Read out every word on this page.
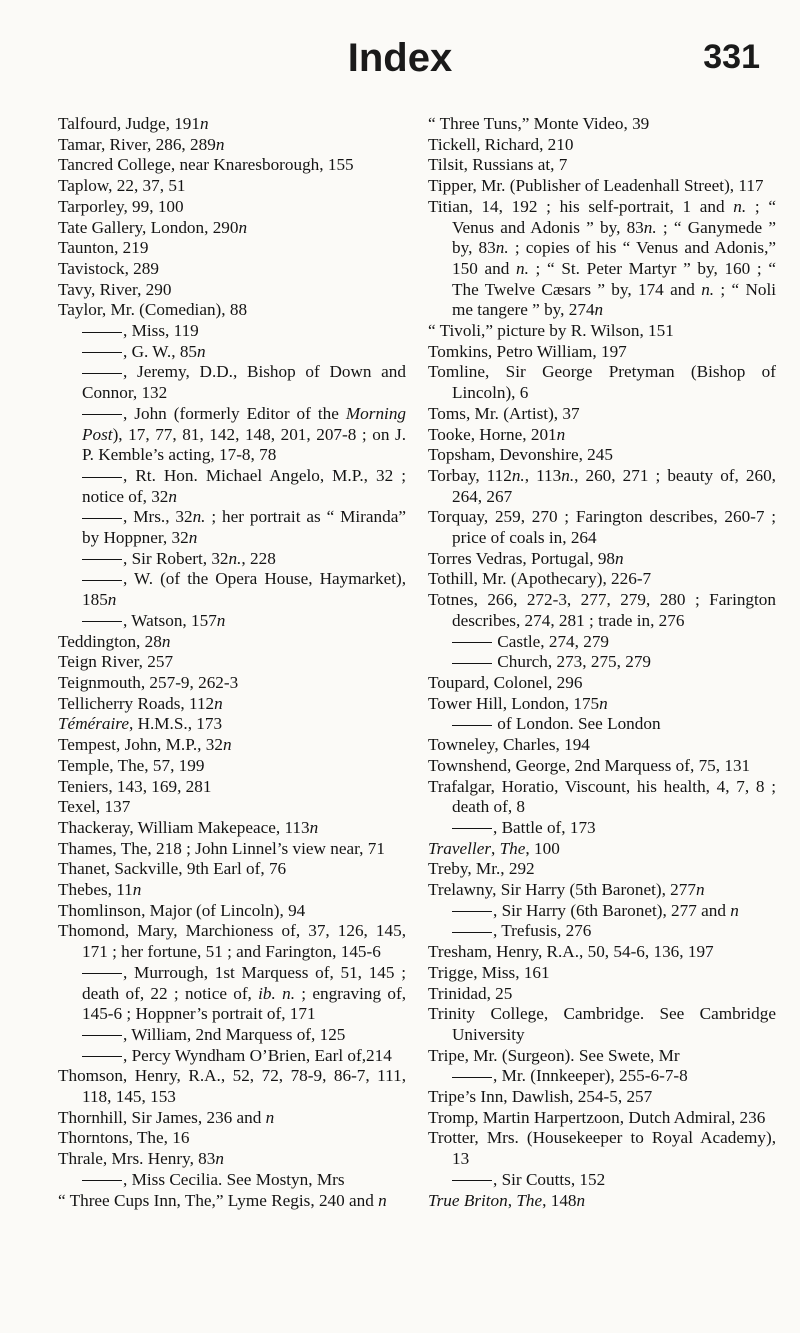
Index	331

Talfourd, Judge, 191n

Tamar, River, 286, 289n

Tancred College, near Knaresborough, 155

Taplow, 22, 37, 51

Tarporley, 99, 100

Tate Gallery, London, 290n

Taunton, 219

Tavistock, 289

Tavy, River, 290

Taylor, Mr. (Comedian), 88

, Miss, 119

, G. W., 85n

, Jeremy, D.D., Bishop of Down and Connor, 132

, John (formerly Editor of the Morning Post), 17, 77, 81, 142, 148, 201, 207-8 ; on J. P. Kemble’s acting, 17-8, 78

, Rt. Hon. Michael Angelo, M.P., 32 ; notice of, 32n

, Mrs., 32n. ; her portrait as “ Miranda” by Hoppner, 32n

, Sir Robert, 32n., 228

, W. (of the Opera House, Haymarket), 185n

, Watson, 157n

Teddington, 28n

Teign River, 257

Teignmouth, 257-9, 262-3

Tellicherry Roads, 112n

Téméraire, H.M.S., 173

Tempest, John, M.P., 32n

Temple, The, 57, 199

Teniers, 143, 169, 281

Texel, 137

Thackeray, William Makepeace, 113n

Thames, The, 218 ; John Linnel’s view near, 71

Thanet, Sackville, 9th Earl of, 76

Thebes, 11n

Thomlinson, Major (of Lincoln), 94

Thomond, Mary, Marchioness of, 37, 126, 145, 171 ; her fortune, 51 ; and Farington, 145-6

, Murrough, 1st Marquess of, 51, 145 ; death of, 22 ; notice of, ib. n. ; engraving of, 145-6 ; Hoppner’s portrait of, 171

, William, 2nd Marquess of, 125

, Percy Wyndham O’Brien, Earl of,214

Thomson, Henry, R.A., 52, 72, 78-9, 86-7, 111, 118, 145, 153

Thornhill, Sir James, 236 and n

Thorntons, The, 16

Thrale, Mrs. Henry, 83n

, Miss Cecilia. See Mostyn, Mrs

“ Three Cups Inn, The,” Lyme Regis, 240 and n

“ Three Tuns,” Monte Video, 39

Tickell, Richard, 210

Tilsit, Russians at, 7

Tipper, Mr. (Publisher of Leadenhall Street), 117

Titian, 14, 192 ; his self-portrait, 1 and n. ; “ Venus and Adonis ” by, 83n. ; “ Ganymede ” by, 83n. ; copies of his “ Venus and Adonis,” 150 and n. ; “ St. Peter Martyr ” by, 160 ; “ The Twelve Cæsars ” by, 174 and n. ; “ Noli me tangere ” by, 274n

“ Tivoli,” picture by R. Wilson, 151

Tomkins, Petro William, 197

Tomline, Sir George Pretyman (Bishop of Lincoln), 6

Toms, Mr. (Artist), 37

Tooke, Horne, 201n

Topsham, Devonshire, 245

Torbay, 112n., 113n., 260, 271 ; beauty of, 260, 264, 267

Torquay, 259, 270 ; Farington describes, 260-7 ; price of coals in, 264

Torres Vedras, Portugal, 98n

Tothill, Mr. (Apothecary), 226-7

Totnes, 266, 272-3, 277, 279, 280 ; Farington describes, 274, 281 ; trade in, 276

Castle, 274, 279

Church, 273, 275, 279

Toupard, Colonel, 296

Tower Hill, London, 175n

of London. See London

Towneley, Charles, 194

Townshend, George, 2nd Marquess of, 75, 131

Trafalgar, Horatio, Viscount, his health, 4, 7, 8 ; death of, 8

, Battle of, 173

Traveller, The, 100

Treby, Mr., 292

Trelawny, Sir Harry (5th Baronet), 277n

, Sir Harry (6th Baronet), 277 and n

, Trefusis, 276

Tresham, Henry, R.A., 50, 54-6, 136, 197

Trigge, Miss, 161

Trinidad, 25

Trinity College, Cambridge. See Cambridge University

Tripe, Mr. (Surgeon). See Swete, Mr

, Mr. (Innkeeper), 255-6-7-8

Tripe’s Inn, Dawlish, 254-5, 257

Tromp, Martin Harpertzoon, Dutch Admiral, 236

Trotter, Mrs. (Housekeeper to Royal Academy), 13

, Sir Coutts, 152

True Briton, The, 148n
